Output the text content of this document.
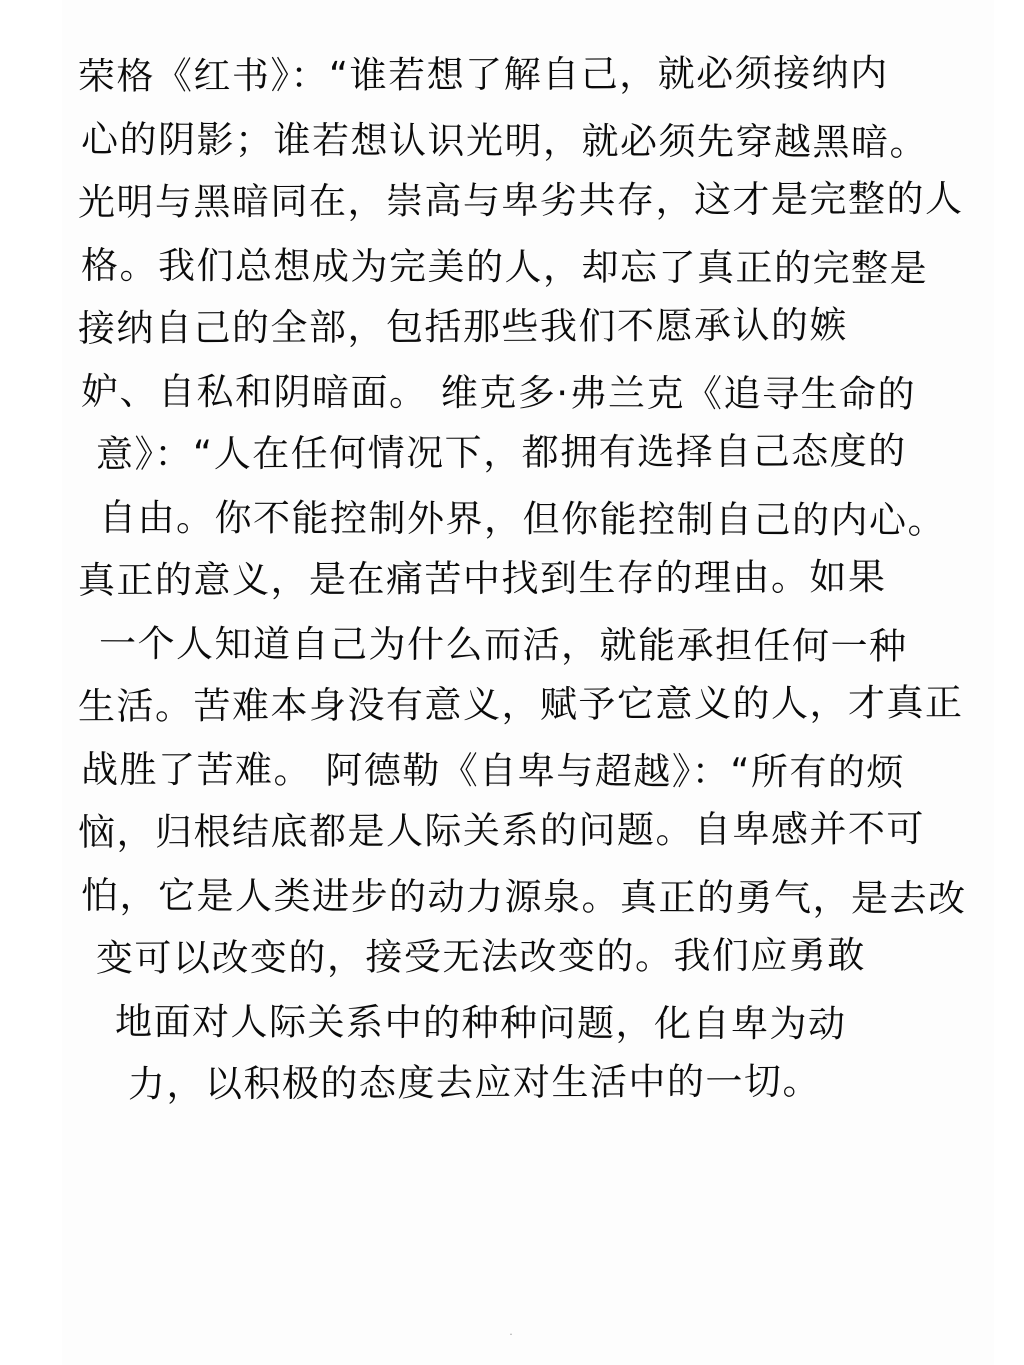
荣格《红书》：“谁若想了解自己，就必须接纳内
心的阴影；谁若想认识光明，就必须先穿越黑暗。
光明与黑暗同在，崇高与卑劣共存，这才是完整的人
格。我们总想成为完美的人，却忘了真正的完整是
接纳自己的全部，包括那些我们不愿承认的嫉
妒、自私和阴暗面。 维克多·弗兰克《追寻生命的
意》：“人在任何情况下，都拥有选择自己态度的
自由。你不能控制外界，但你能控制自己的内心。
真正的意义，是在痛苦中找到生存的理由。如果
一个人知道自己为什么而活，就能承担任何一种
生活。苦难本身没有意义，赋予它意义的人，才真正
战胜了苦难。 阿德勒《自卑与超越》：“所有的烦
恼，归根结底都是人际关系的问题。自卑感并不可
怕，它是人类进步的动力源泉。真正的勇气，是去改
变可以改变的，接受无法改变的。我们应勇敢
地面对人际关系中的种种问题，化自卑为动
力，以积极的态度去应对生活中的一切。
·
